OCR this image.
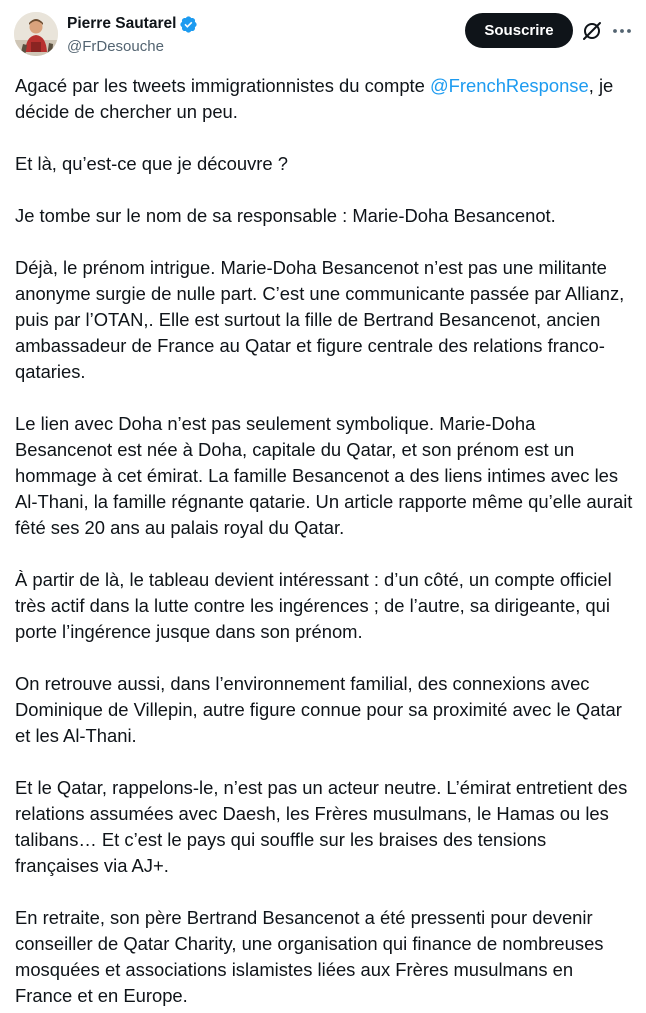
Pierre Sautarel
@FrDesouche
Souscrire

Agacé par les tweets immigrationnistes du compte @FrenchResponse, je décide de chercher un peu.

Et là, qu’est-ce que je découvre ?

Je tombe sur le nom de sa responsable : Marie-Doha Besancenot.

Déjà, le prénom intrigue. Marie-Doha Besancenot n’est pas une militante anonyme surgie de nulle part. C’est une communicante passée par Allianz, puis par l’OTAN,. Elle est surtout la fille de Bertrand Besancenot, ancien ambassadeur de France au Qatar et figure centrale des relations franco-qataries.

Le lien avec Doha n’est pas seulement symbolique. Marie-Doha Besancenot est née à Doha, capitale du Qatar, et son prénom est un hommage à cet émirat. La famille Besancenot a des liens intimes avec les Al-Thani, la famille régnante qatarie. Un article rapporte même qu’elle aurait fêté ses 20 ans au palais royal du Qatar.

À partir de là, le tableau devient intéressant : d’un côté, un compte officiel très actif dans la lutte contre les ingérences ; de l’autre, sa dirigeante, qui porte l’ingérence jusque dans son prénom.

On retrouve aussi, dans l’environnement familial, des connexions avec Dominique de Villepin, autre figure connue pour sa proximité avec le Qatar et les Al-Thani.

Et le Qatar, rappelons-le, n’est pas un acteur neutre. L’émirat entretient des relations assumées avec Daesh, les Frères musulmans, le Hamas ou les talibans… Et c’est le pays qui souffle sur les braises des tensions françaises via AJ+.

En retraite, son père Bertrand Besancenot a été pressenti pour devenir conseiller de Qatar Charity, une organisation qui finance de nombreuses mosquées et associations islamistes liées aux Frères musulmans en France et en Europe.
